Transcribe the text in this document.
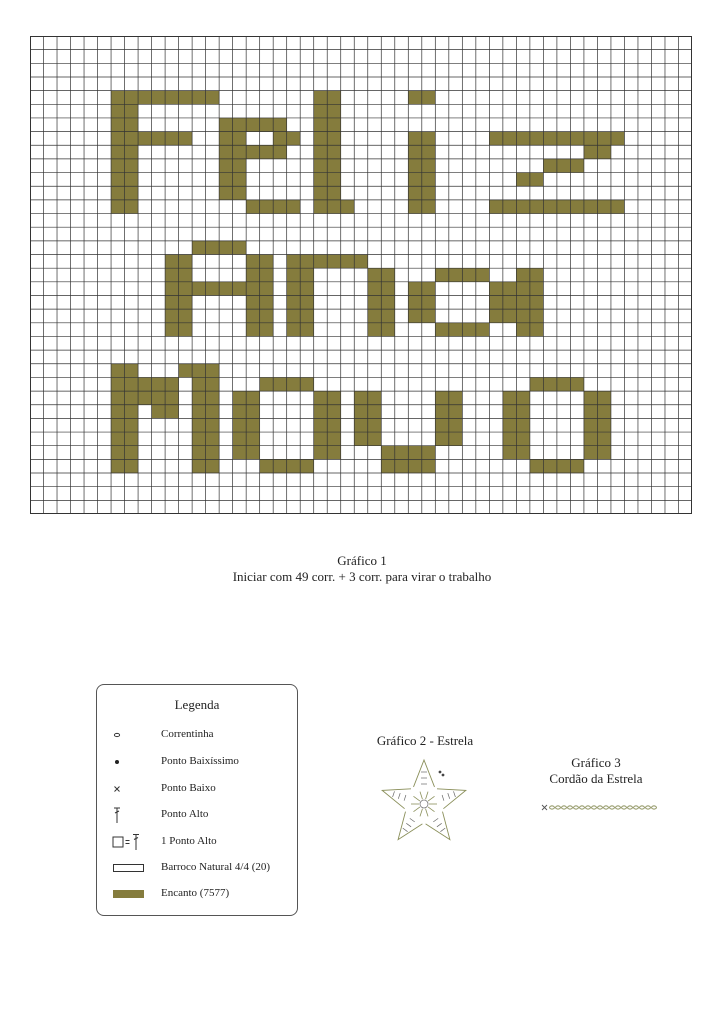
Gráfico 1
Iniciar com 49 corr. + 3 corr. para virar o trabalho
Legenda
Correntinha
Ponto Baixíssimo
Ponto Baixo
Ponto Alto
1 Ponto Alto
Barroco Natural 4/4 (20)
Encanto (7577)
Gráfico 2 - Estrela
Gráfico 3
Cordão da Estrela
